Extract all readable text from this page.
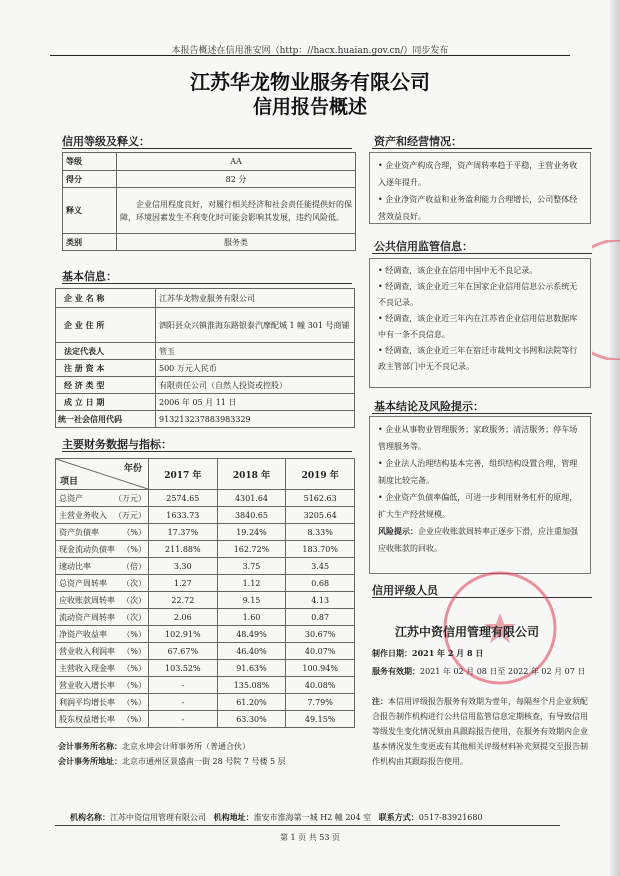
本报告概述在信用淮安网（http：//hacx.huaian.gov.cn/）同步发布
江苏华龙物业服务有限公司
信用报告概述
信用等级及释义：
等级	AA
得分	82 分
释义	企业信用程度良好，对履行相关经济和社会责任能提供好的保障，环境因素发生不利变化时可能会影响其发展，违约风险低。
类别	服务类
基本信息：
企 业 名 称	江苏华龙物业服务有限公司
企 业 住 所	泗阳县众兴镇淮海东路银泰汽摩配城 1 幢 301 号商铺
法定代表人	管玉
注 册 资 本	500 万元人民币
经 济 类 型	有限责任公司（自然人投资或控股）
成 立 日 期	2006 年 05 月 11 日
统一社会信用代码	913213237883983329
主要财务数据与指标：
年份
项目	2017 年	2018 年	2019 年
总资产 （万元）	2574.65	4301.64	5162.63
主营业务收入 （万元）	1633.73	3840.65	3205.64
资产负债率 （%）	17.37%	19.24%	8.33%
现金流动负债率 （%）	211.88%	162.72%	183.70%
速动比率 （倍）	3.30	3.75	3.45
总资产周转率 （次）	1.27	1.12	0.68
应收账款周转率 （次）	22.72	9.15	4.13
流动资产周转率 （次）	2.06	1.60	0.87
净资产收益率 （%）	102.91%	48.49%	30.67%
营业收入利润率 （%）	67.67%	46.40%	40.07%
主营收入现金率 （%）	103.52%	91.63%	100.94%
营业收入增长率 （%）	-	135.08%	40.08%
利润平均增长率 （%）	-	61.20%	7.79%
股东权益增长率 （%）	-	63.30%	49.15%
会计事务所名称：北京永坤会计师事务所（普通合伙）
会计事务所地址：北京市通州区景盛南一街 28 号院 7 号楼 5 层
资产和经营情况：

• 企业资产构成合理，资产周转率趋于平稳，主营业务收入逐年提升。

• 企业净资产收益和业务盈利能力合理增长，公司整体经营效益良好。

公共信用监管信息：

• 经调查，该企业在信用中国中无不良记录。

• 经调查，该企业近三年在国家企业信用信息公示系统无不良记录。

• 经调查，该企业近三年内在江苏省企业信用信息数据库中有一条不良信息。

• 经调查，该企业近三年在宿迁市裁判文书网和法院等行政主管部门中无不良记录。

基本结论及风险提示：

• 企业从事物业管理服务；家政服务；清洁服务；停车场管理服务等。

• 企业法人治理结构基本完善，组织结构设置合理，管理制度比较完备。

• 企业资产负债率偏低，可进一步利用财务杠杆的原理，扩大生产经营规模。

风险提示：企业应收账款周转率正逐步下滑，应注重加强应收账款的回收。

信用评级人员
江苏中资信用管理有限公司
制作日期：2021 年 2 月 8 日
服务有效期：2021 年 02 月 08 日至 2022 年 02 月 07 日
注：本信用评级报告服务有效期为壹年，每隔叁个月企业须配合报告制作机构进行公共信用监管信息定期核查，有导致信用等级发生变化情况须由具跟踪报告使用，在服务有效期内企业基本情况发生变更或有其他相关评级材料补充须提交至报告制作机构由其跟踪报告使用。
机构名称：江苏中资信用管理有限公司 机构地址：淮安市淮海第一城 H2 幢 204 室 联系方式：0517-83921680
第 1 页 共 53 页
